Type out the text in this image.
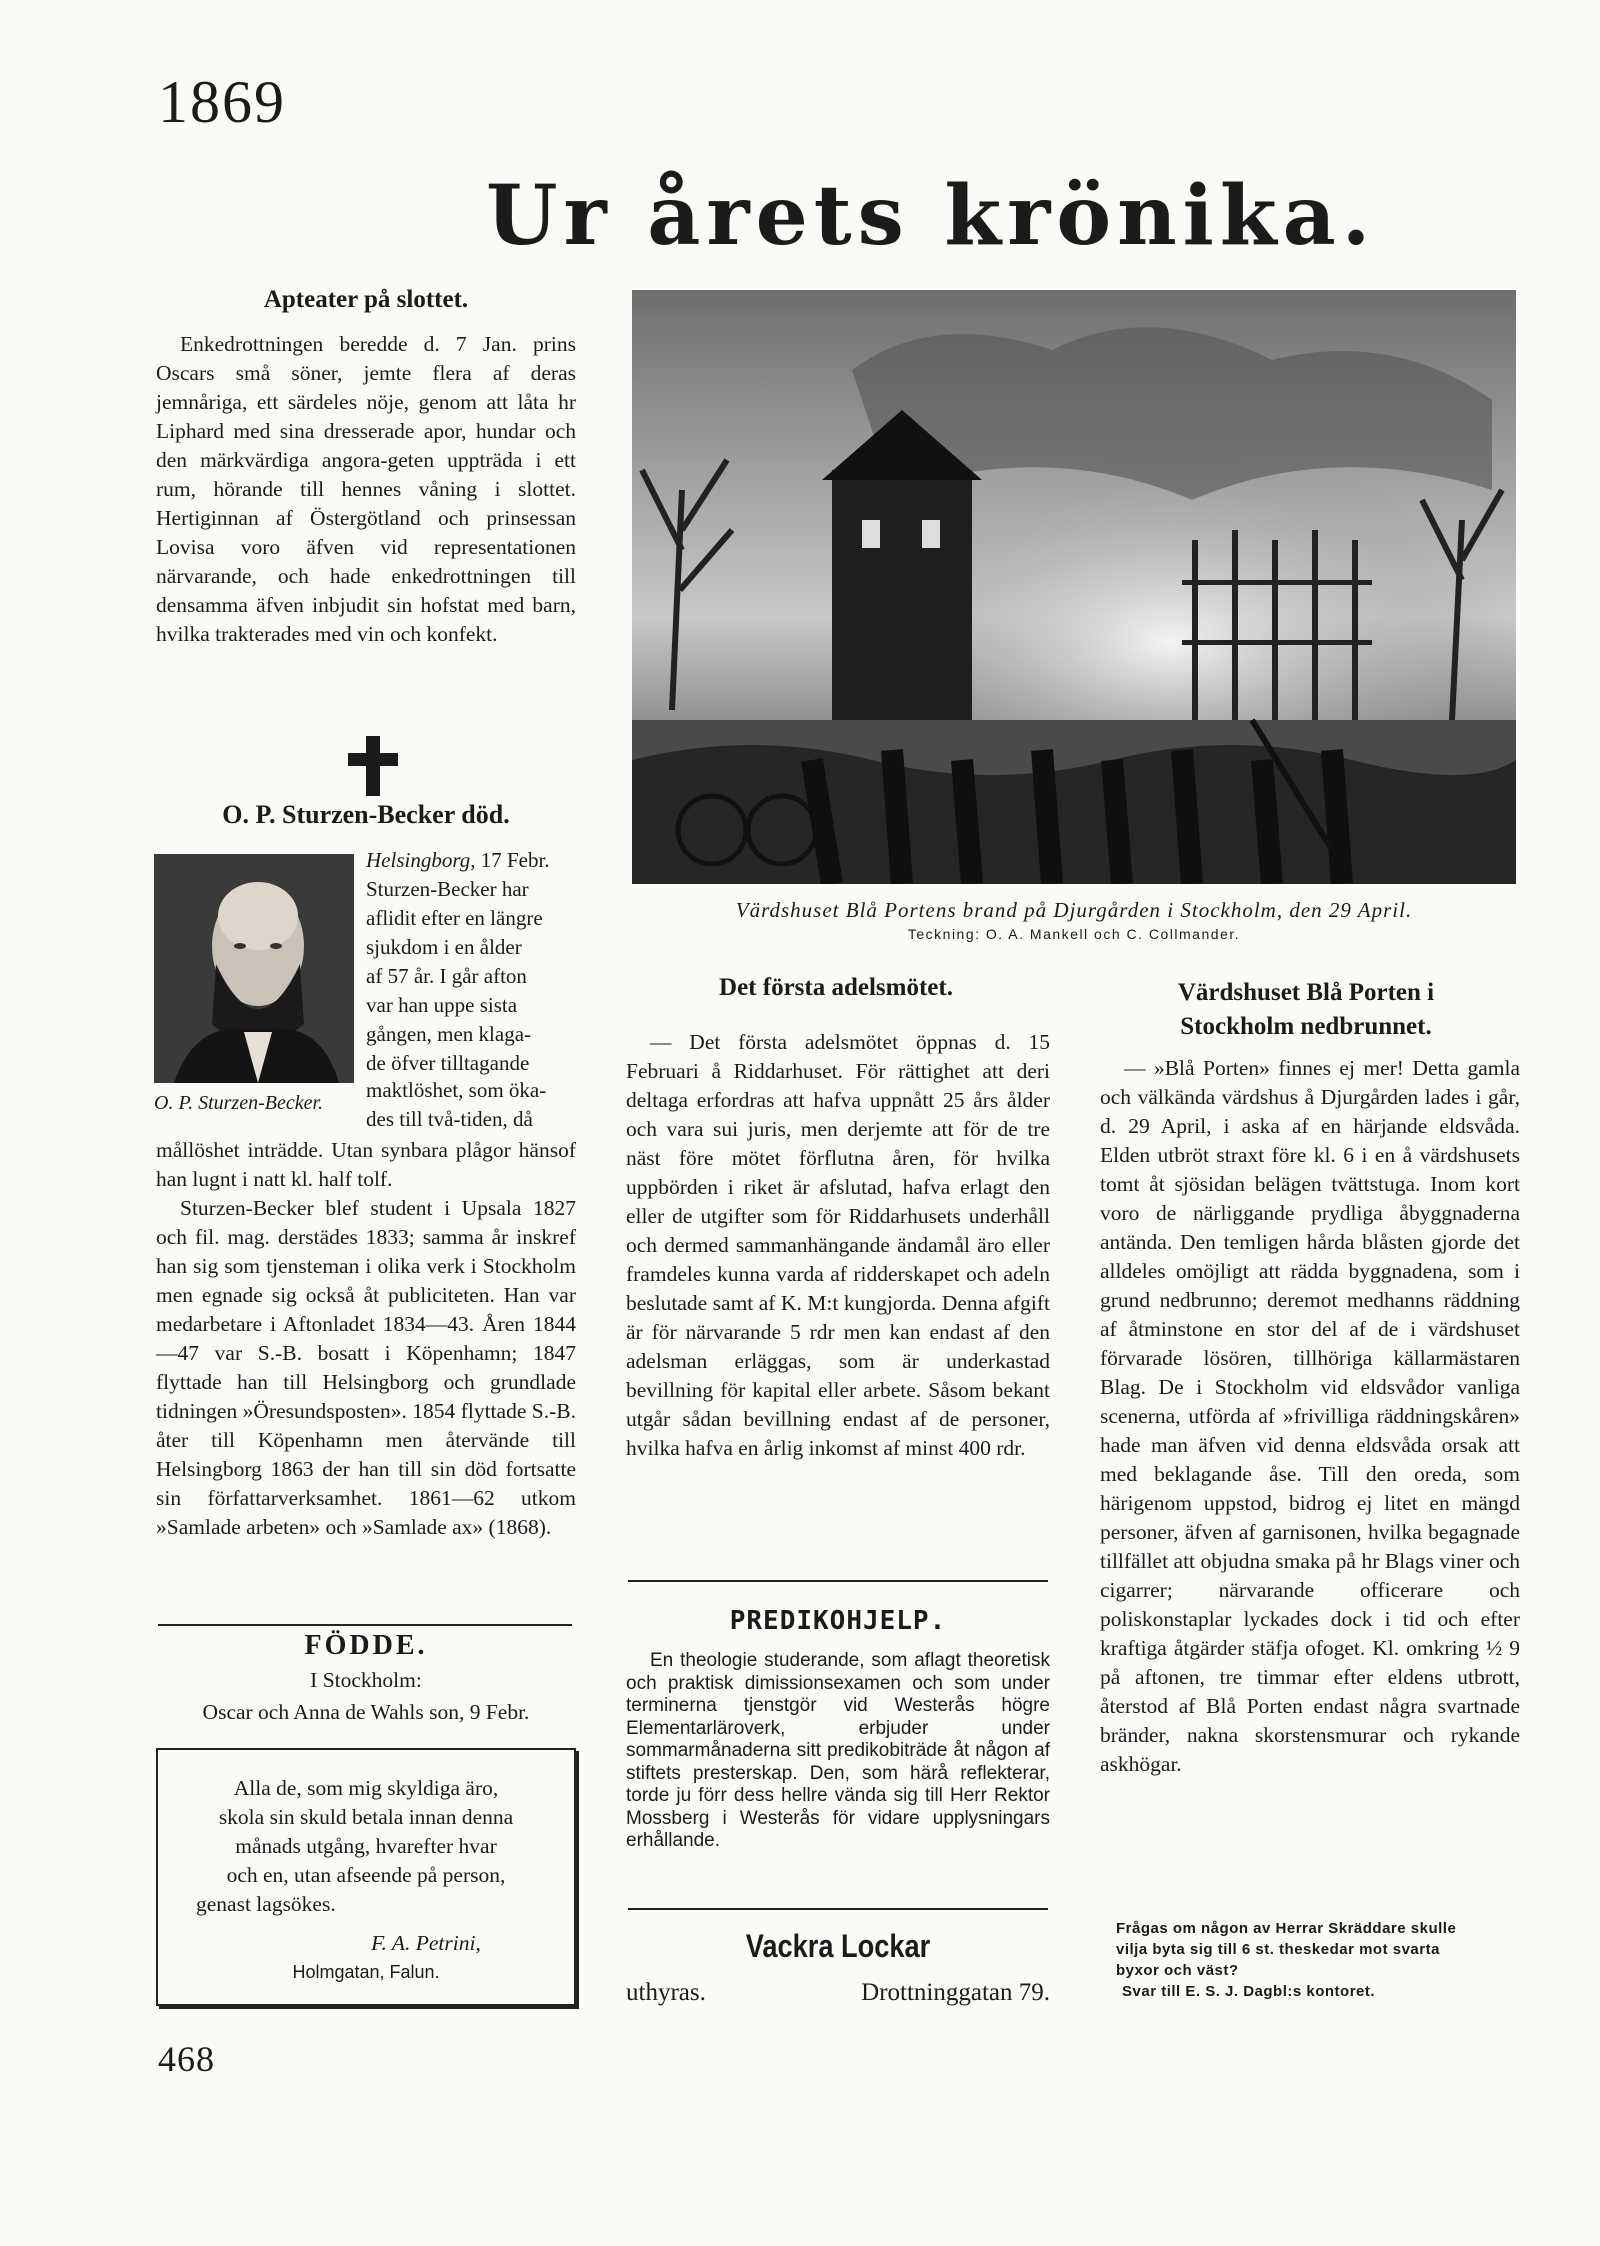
1869
Ur årets krönika.
Apteater på slottet.

Enkedrottningen beredde d. 7 Jan. prins Oscars små söner, jemte flera af deras jemnåriga, ett särdeles nöje, genom att låta hr Liphard med sina dresserade apor, hundar och den märkvärdiga angora-geten uppträda i ett rum, hörande till hennes våning i slottet. Hertiginnan af Östergötland och prinsessan Lovisa voro äfven vid representationen närvarande, och hade enkedrottningen till densamma äfven inbjudit sin hofstat med barn, hvilka trakterades med vin och konfekt.

O. P. Sturzen-Becker död.

Helsingborg, 17 Febr.

Sturzen-Becker har

aflidit efter en längre

sjukdom i en ålder

af 57 år. I går afton

var han uppe sista

gången, men klaga-

de öfver tilltagande

O. P. Sturzen-Becker.

maktlöshet, som öka-

des till två-tiden, då

mållöshet inträdde. Utan synbara plågor hänsof han lugnt i natt kl. half tolf.

Sturzen-Becker blef student i Upsala 1827 och fil. mag. derstädes 1833; samma år inskref han sig som tjensteman i olika verk i Stockholm men egnade sig också åt publiciteten. Han var medarbetare i Aftonladet 1834—43. Åren 1844—47 var S.-B. bosatt i Köpenhamn; 1847 flyttade han till Helsingborg och grundlade tidningen »Öresundsposten». 1854 flyttade S.-B. åter till Köpenhamn men återvände till Helsingborg 1863 der han till sin död fortsatte sin författarverksamhet. 1861—62 utkom »Samlade arbeten» och »Samlade ax» (1868).

FÖDDE.
I Stockholm:
Oscar och Anna de Wahls son, 9 Febr.
Alla de, som mig skyldiga äro,
skola sin skuld betala innan denna
månads utgång, hvarefter hvar
och en, utan afseende på person,
genast lagsökes.
F. A. Petrini,
Holmgatan, Falun.
468
Värdshuset Blå Portens brand på Djurgården i Stockholm, den 29 April.
Teckning: O. A. Mankell och C. Collmander.
Det första adelsmötet.

— Det första adelsmötet öppnas d. 15 Februari å Riddarhuset. För rättighet att deri deltaga erfordras att hafva uppnått 25 års ålder och vara sui juris, men derjemte att för de tre näst före mötet förflutna åren, för hvilka uppbörden i riket är afslutad, hafva erlagt den eller de utgifter som för Riddarhusets underhåll och dermed sammanhängande ändamål äro eller framdeles kunna varda af ridderskapet och adeln beslutade samt af K. M:t kungjorda. Denna afgift är för närvarande 5 rdr men kan endast af den adelsman erläggas, som är underkastad bevillning för kapital eller arbete. Såsom bekant utgår sådan bevillning endast af de personer, hvilka hafva en årlig inkomst af minst 400 rdr.

PREDIKOHJELP.

En theologie studerande, som aflagt theoretisk och praktisk dimissionsexamen och som under terminerna tjenstgör vid Westerås högre Elementarläroverk, erbjuder under sommarmånaderna sitt predikobiträde åt någon af stiftets presterskap. Den, som härå reflekterar, torde ju förr dess hellre vända sig till Herr Rektor Mossberg i Westerås för vidare upplysningars erhållande.

Vackra Lockar
uthyras.	Drottninggatan 79.
Värdshuset Blå Porten i
Stockholm nedbrunnet.

— »Blå Porten» finnes ej mer! Detta gamla och välkända värdshus å Djurgården lades i går, d. 29 April, i aska af en härjande eldsvåda. Elden utbröt straxt före kl. 6 i en å värdshusets tomt åt sjösidan belägen tvättstuga. Inom kort voro de närliggande prydliga åbyggnaderna antända. Den temligen hårda blåsten gjorde det alldeles omöjligt att rädda byggnadena, som i grund nedbrunno; deremot medhanns räddning af åtminstone en stor del af de i värdshuset förvarade lösören, tillhöriga källarmästaren Blag. De i Stockholm vid eldsvådor vanliga scenerna, utförda af »frivilliga räddningskåren» hade man äfven vid denna eldsvåda orsak att med beklagande åse. Till den oreda, som härigenom uppstod, bidrog ej litet en mängd personer, äfven af garnisonen, hvilka begagnade tillfället att objudna smaka på hr Blags viner och cigarrer; närvarande officerare och poliskonstaplar lyckades dock i tid och efter kraftiga åtgärder stäfja ofoget. Kl. omkring ½ 9 på aftonen, tre timmar efter eldens utbrott, återstod af Blå Porten endast några svartnade bränder, nakna skorstensmurar och rykande askhögar.

Frågas om någon av Herrar Skräddare skulle
vilja byta sig till 6 st. theskedar mot svarta
byxor och väst?
Svar till E. S. J. Dagbl:s kontoret.
